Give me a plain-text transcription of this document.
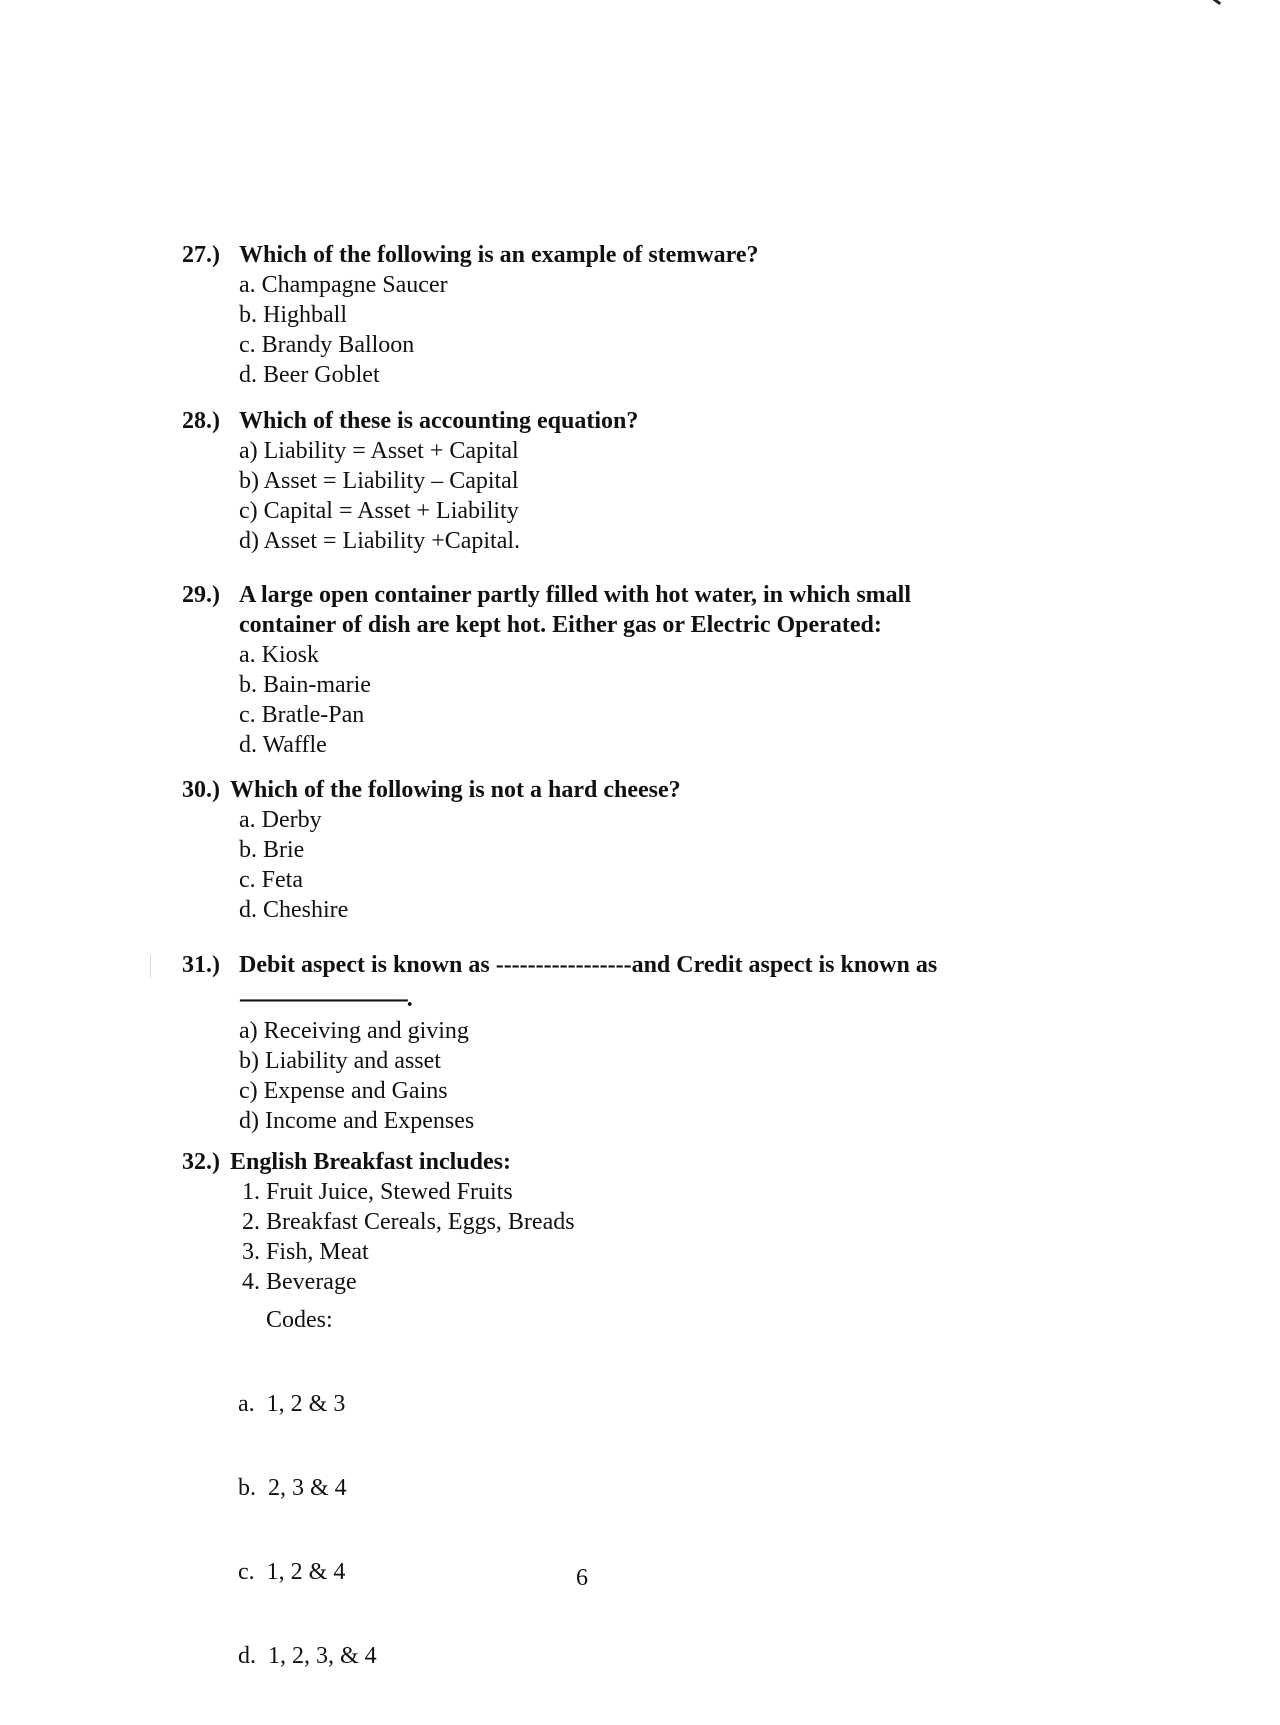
27.) Which of the following is an example of stemware?
a. Champagne Saucer
b. Highball
c. Brandy Balloon
d. Beer Goblet
28.) Which of these is accounting equation?
a) Liability = Asset + Capital
b) Asset = Liability – Capital
c) Capital = Asset + Liability
d) Asset = Liability +Capital.
29.) A large open container partly filled with hot water, in which small
container of dish are kept hot. Either gas or Electric Operated:
a. Kiosk
b. Bain-marie
c. Bratle-Pan
d. Waffle
30.) Which of the following is not a hard cheese?
a. Derby
b. Brie
c. Feta
d. Cheshire
31.) Debit aspect is known as -----------------and Credit aspect is known as
----------------------------.
a) Receiving and giving
b) Liability and asset
c) Expense and Gains
d) Income and Expenses
32.) English Breakfast includes:
1. Fruit Juice, Stewed Fruits
2. Breakfast Cereals, Eggs, Breads
3. Fish, Meat
4. Beverage
Codes:

a.  1, 2 & 3

b.  2, 3 & 4

c.  1, 2 & 4

d.  1, 2, 3, & 4

6
